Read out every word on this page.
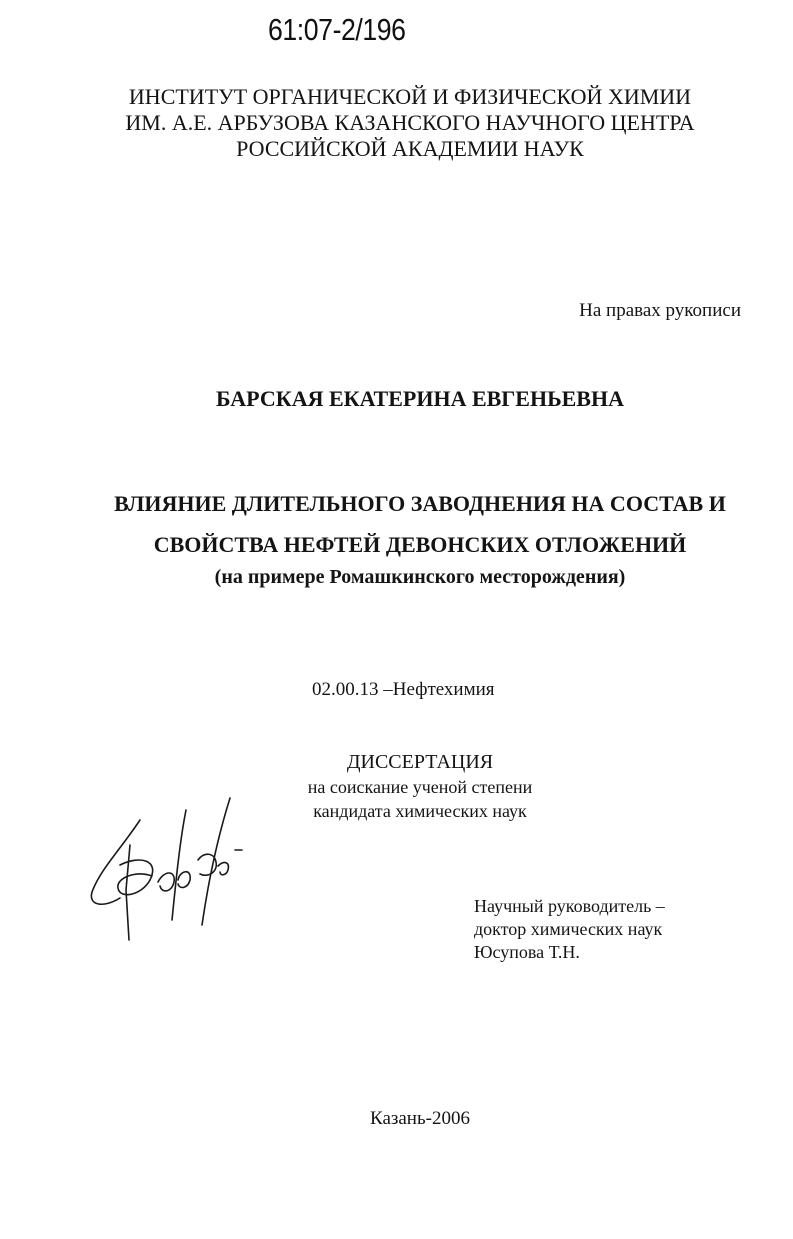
61:07-2/196
ИНСТИТУТ ОРГАНИЧЕСКОЙ И ФИЗИЧЕСКОЙ ХИМИИ
ИМ. А.Е. АРБУЗОВА КАЗАНСКОГО НАУЧНОГО ЦЕНТРА
РОССИЙСКОЙ АКАДЕМИИ НАУК
На правах рукописи
БАРСКАЯ ЕКАТЕРИНА ЕВГЕНЬЕВНА
ВЛИЯНИЕ ДЛИТЕЛЬНОГО ЗАВОДНЕНИЯ НА СОСТАВ И
СВОЙСТВА НЕФТЕЙ ДЕВОНСКИХ ОТЛОЖЕНИЙ
(на примере Ромашкинского месторождения)
02.00.13 –Нефтехимия
ДИССЕРТАЦИЯ
на соискание ученой степени
кандидата химических наук
Научный руководитель –
доктор химических наук
Юсупова Т.Н.
Казань-2006
